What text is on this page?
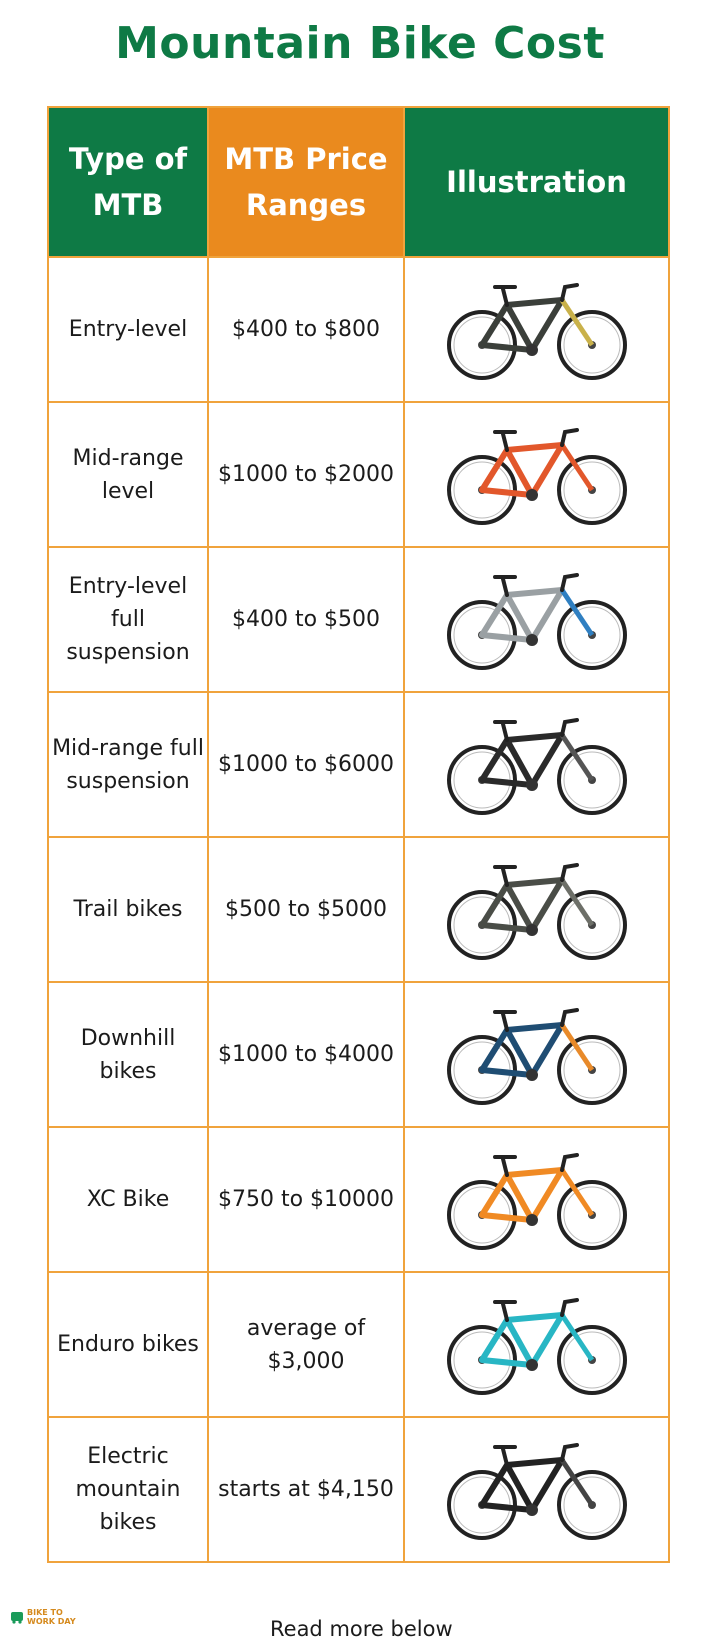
Mountain Bike Cost
Type of MTB	MTB Price Ranges	Illustration
Entry-level	$400 to $800	

Mid-range level	$1000 to $2000	

Entry-level full suspension	$400 to $500	

Mid-range full suspension	$1000 to $6000	

Trail bikes	$500 to $5000	

Downhill bikes	$1000 to $4000	

XC Bike	$750 to $10000	

Enduro bikes	average of $3,000	

Electric mountain bikes	starts at $4,150	
BIKE TO
WORK DAY	Read more below
